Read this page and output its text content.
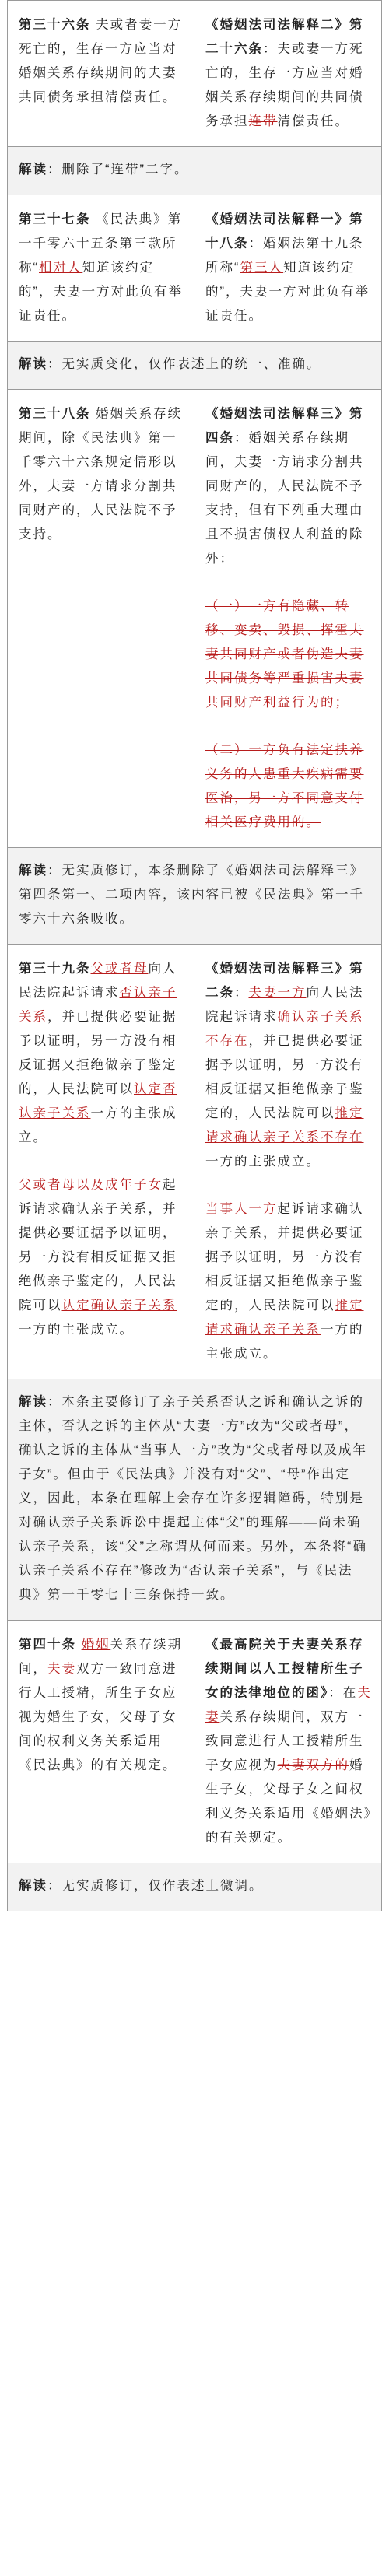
第三十六条 夫或者妻一方死亡的，生存一方应当对婚姻关系存续期间的夫妻共同债务承担清偿责任。
《婚姻法司法解释二》第二十六条：夫或妻一方死亡的，生存一方应当对婚姻关系存续期间的共同债务承担连带清偿责任。
解读：删除了“连带”二字。
第三十七条 《民法典》第一千零六十五条第三款所称“相对人知道该约定的”，夫妻一方对此负有举证责任。
《婚姻法司法解释一》第十八条：婚姻法第十九条所称“第三人知道该约定的”，夫妻一方对此负有举证责任。
解读：无实质变化，仅作表述上的统一、准确。
第三十八条 婚姻关系存续期间，除《民法典》第一千零六十六条规定情形以外，夫妻一方请求分割共同财产的，人民法院不予支持。
《婚姻法司法解释三》第四条：婚姻关系存续期间，夫妻一方请求分割共同财产的，人民法院不予支持，但有下列重大理由且不损害债权人利益的除外：
（一）一方有隐藏、转移、变卖、毁损、挥霍夫妻共同财产或者伪造夫妻共同债务等严重损害夫妻共同财产利益行为的；
（二）一方负有法定扶养义务的人患重大疾病需要医治，另一方不同意支付相关医疗费用的。
解读：无实质修订，本条删除了《婚姻法司法解释三》第四条第一、二项内容，该内容已被《民法典》第一千零六十六条吸收。
第三十九条父或者母向人民法院起诉请求否认亲子关系，并已提供必要证据予以证明，另一方没有相反证据又拒绝做亲子鉴定的，人民法院可以认定否认亲子关系一方的主张成立。
父或者母以及成年子女起诉请求确认亲子关系，并提供必要证据予以证明，另一方没有相反证据又拒绝做亲子鉴定的，人民法院可以认定确认亲子关系一方的主张成立。
《婚姻法司法解释三》第二条：夫妻一方向人民法院起诉请求确认亲子关系不存在，并已提供必要证据予以证明，另一方没有相反证据又拒绝做亲子鉴定的，人民法院可以推定请求确认亲子关系不存在一方的主张成立。
当事人一方起诉请求确认亲子关系，并提供必要证据予以证明，另一方没有相反证据又拒绝做亲子鉴定的，人民法院可以推定请求确认亲子关系一方的主张成立。
解读：本条主要修订了亲子关系否认之诉和确认之诉的主体，否认之诉的主体从“夫妻一方”改为“父或者母”，确认之诉的主体从“当事人一方”改为“父或者母以及成年子女”。但由于《民法典》并没有对“父”、“母”作出定义，因此，本条在理解上会存在许多逻辑障碍，特别是对确认亲子关系诉讼中提起主体“父”的理解——尚未确认亲子关系，该“父”之称谓从何而来。另外，本条将“确认亲子关系不存在”修改为“否认亲子关系”，与《民法典》第一千零七十三条保持一致。
第四十条 婚姻关系存续期间，夫妻双方一致同意进行人工授精，所生子女应视为婚生子女，父母子女间的权利义务关系适用《民法典》的有关规定。
《最高院关于夫妻关系存续期间以人工授精所生子女的法律地位的函》：在夫妻关系存续期间，双方一致同意进行人工授精所生子女应视为夫妻双方的婚生子女，父母子女之间权利义务关系适用《婚姻法》的有关规定。
解读：无实质修订，仅作表述上微调。
